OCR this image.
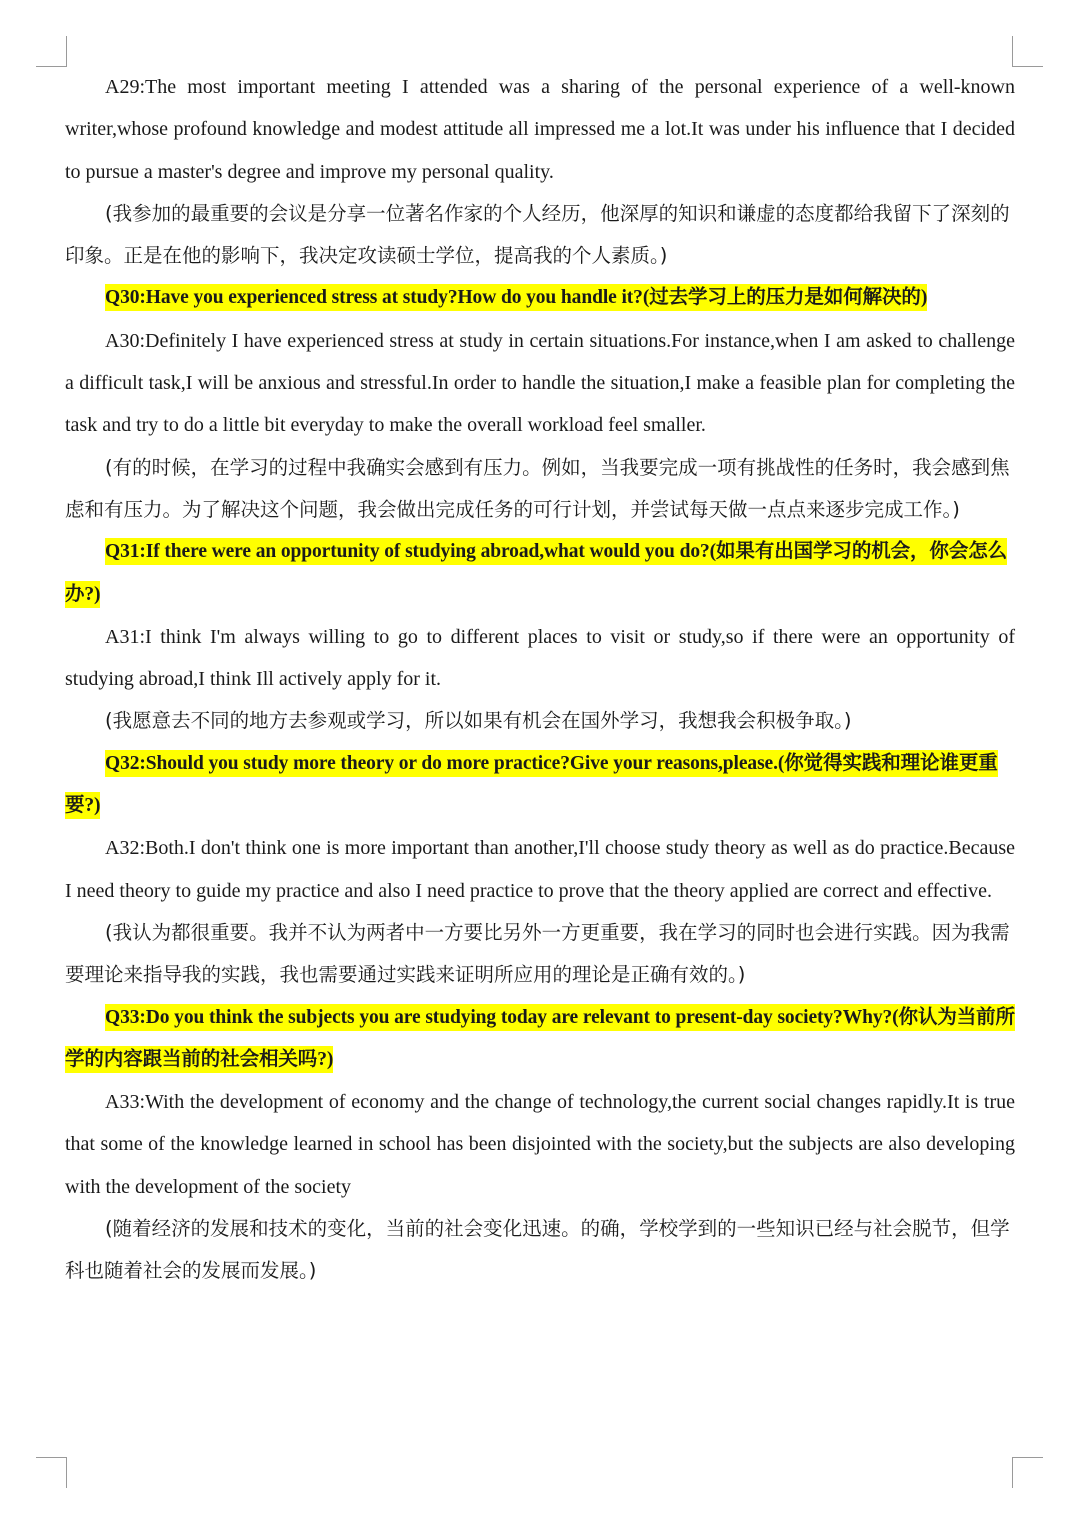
A29:The most important meeting I attended was a sharing of the personal experience of a well-known writer,whose profound knowledge and modest attitude all impressed me a lot.It was under his influence that I decided to pursue a master's degree and improve my personal quality.

(我参加的最重要的会议是分享一位著名作家的个人经历，他深厚的知识和谦虚的态度都给我留下了深刻的印象。正是在他的影响下，我决定攻读硕士学位，提高我的个人素质。)

Q30:Have you experienced stress at study?How do you handle it?(过去学习上的压力是如何解决的)

A30:Definitely I have experienced stress at study in certain situations.For instance,when I am asked to challenge a difficult task,I will be anxious and stressful.In order to handle the situation,I make a feasible plan for completing the task and try to do a little bit everyday to make the overall workload feel smaller.

(有的时候，在学习的过程中我确实会感到有压力。例如，当我要完成一项有挑战性的任务时，我会感到焦虑和有压力。为了解决这个问题，我会做出完成任务的可行计划，并尝试每天做一点点来逐步完成工作。)

Q31:If there were an opportunity of studying abroad,what would you do?(如果有出国学习的机会，你会怎么办?)

A31:I think I'm always willing to go to different places to visit or study,so if there were an opportunity of studying abroad,I think Ill actively apply for it.

(我愿意去不同的地方去参观或学习，所以如果有机会在国外学习，我想我会积极争取。)

Q32:Should you study more theory or do more practice?Give your reasons,please.(你觉得实践和理论谁更重要?)

A32:Both.I don't think one is more important than another,I'll choose study theory as well as do practice.Because I need theory to guide my practice and also I need practice to prove that the theory applied are correct and effective.

(我认为都很重要。我并不认为两者中一方要比另外一方更重要，我在学习的同时也会进行实践。因为我需要理论来指导我的实践，我也需要通过实践来证明所应用的理论是正确有效的。)

Q33:Do you think the subjects you are studying today are relevant to present-day society?Why?(你认为当前所学的内容跟当前的社会相关吗?)

A33:With the development of economy and the change of technology,the current social changes rapidly.It is true that some of the knowledge learned in school has been disjointed with the society,but the subjects are also developing with the development of the society

(随着经济的发展和技术的变化，当前的社会变化迅速。的确，学校学到的一些知识已经与社会脱节，但学科也随着社会的发展而发展。)
